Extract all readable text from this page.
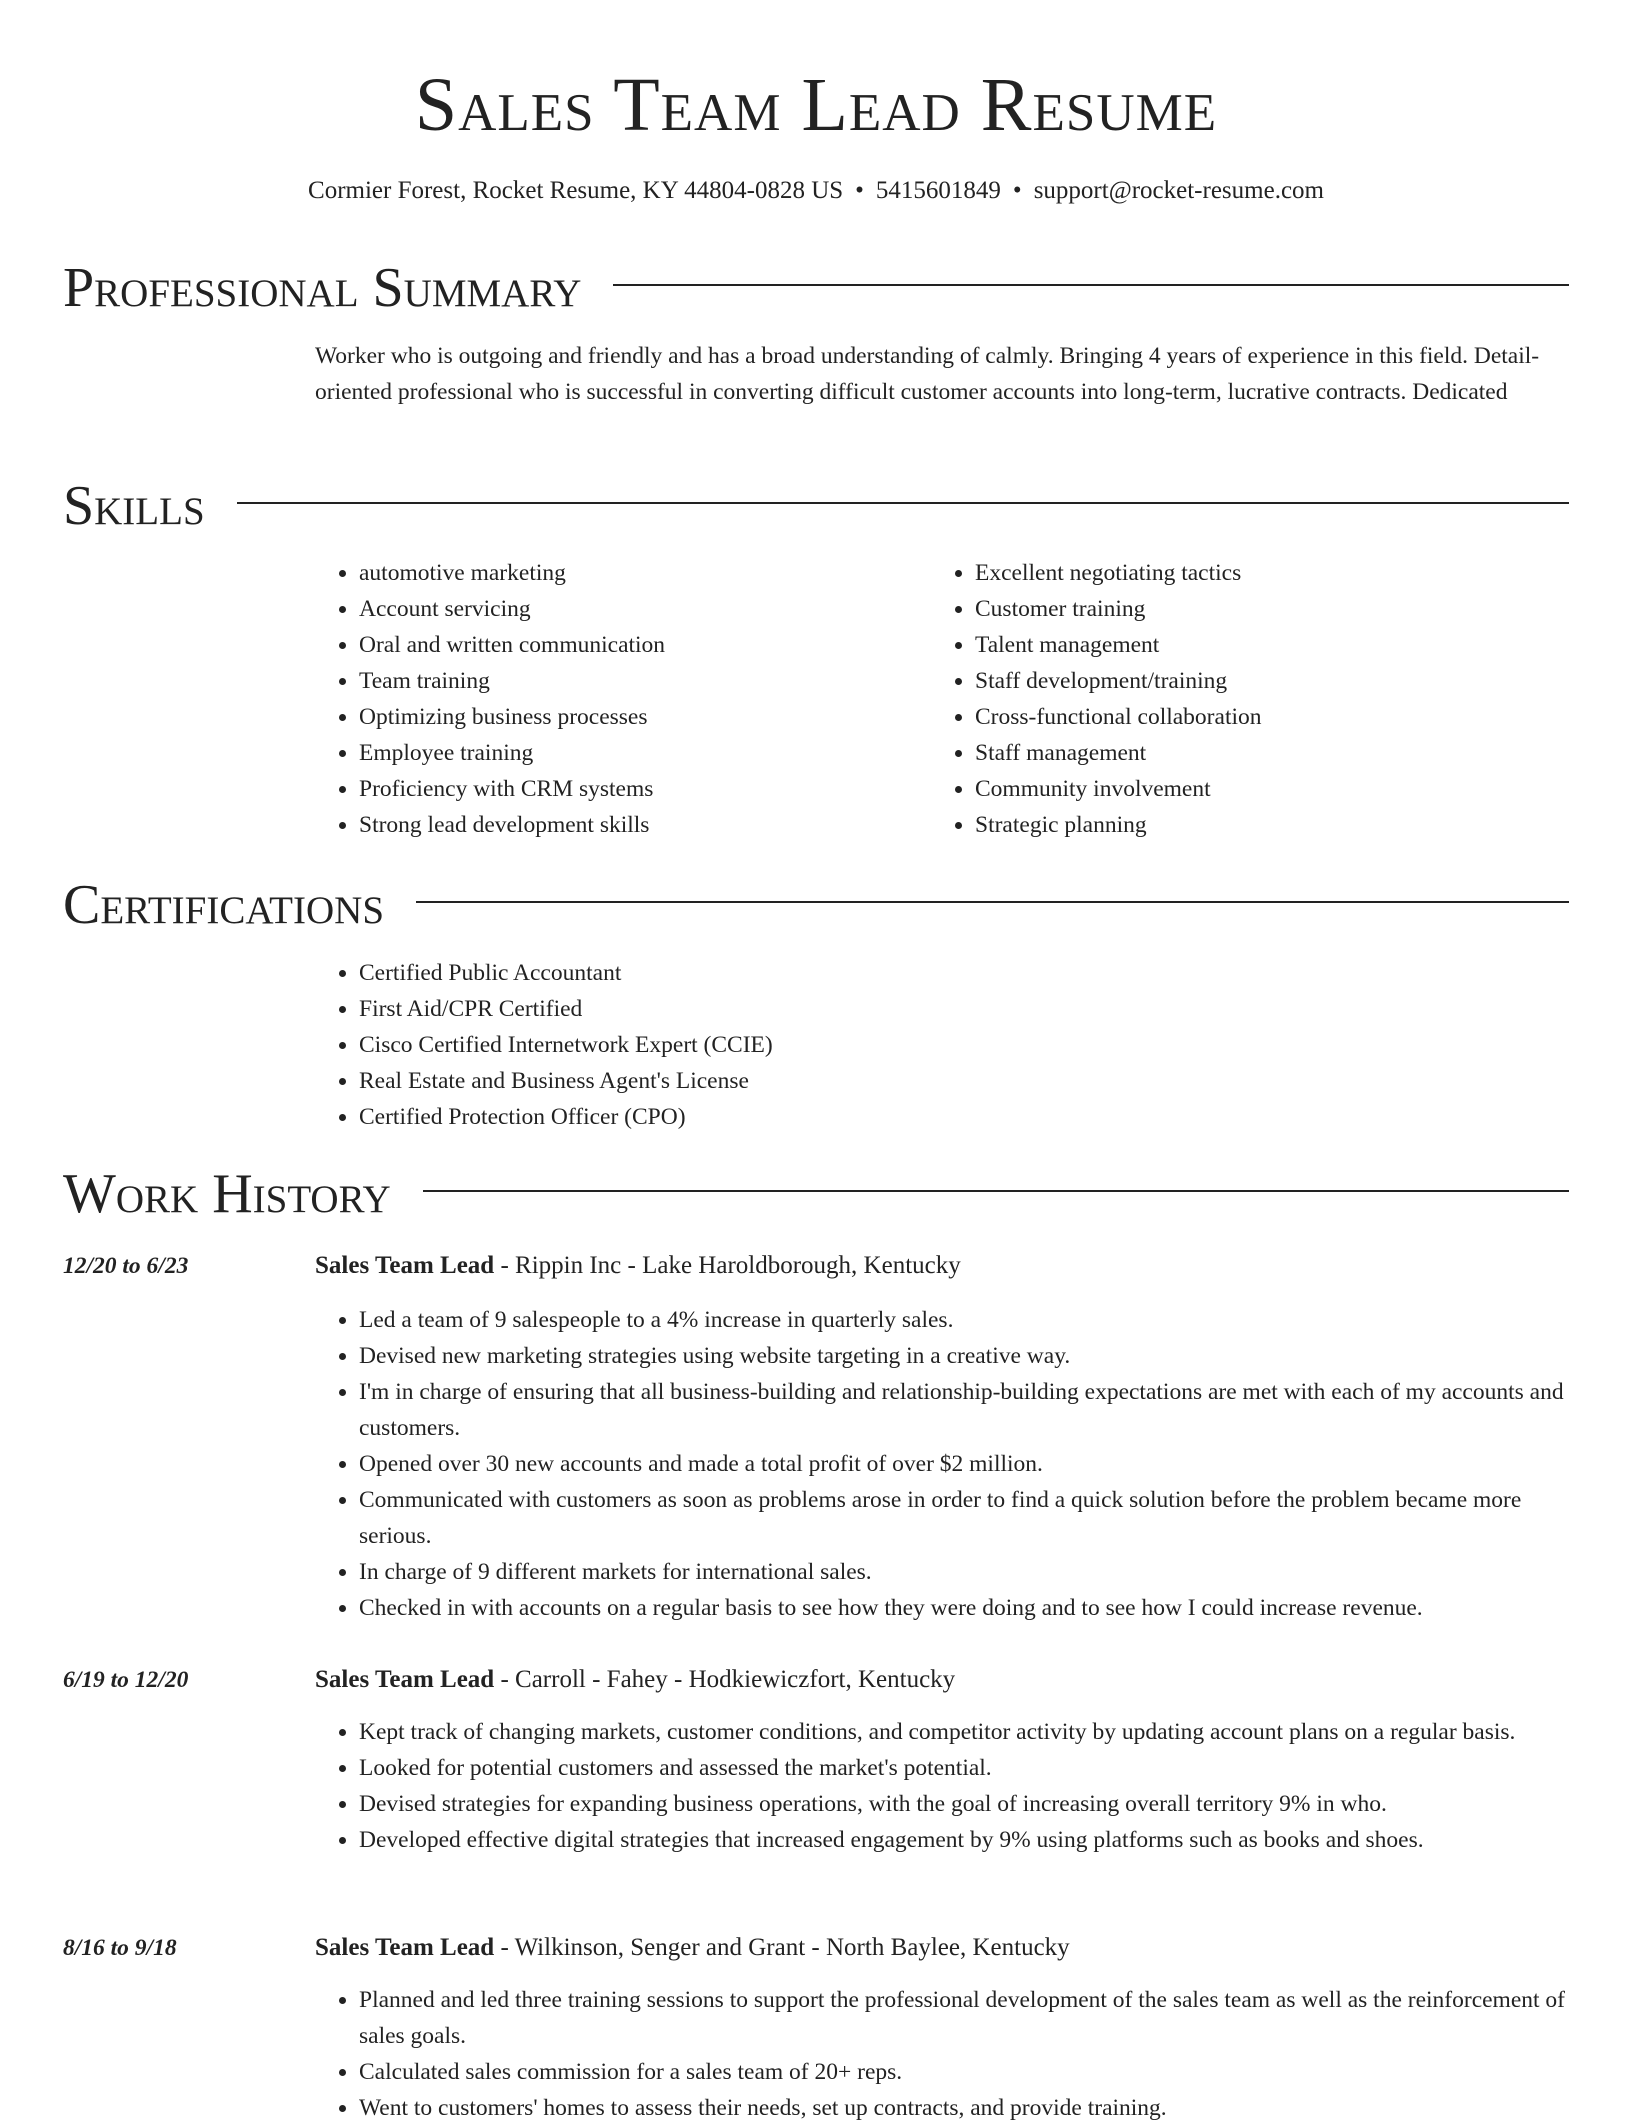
Sales Team Lead Resume
Cormier Forest, Rocket Resume, KY 44804-0828 US • 5415601849 • support@rocket-resume.com
Professional Summary

Worker who is outgoing and friendly and has a broad understanding of calmly. Bringing 4 years of experience in this field. Detail-oriented professional who is successful in converting difficult customer accounts into long-term, lucrative contracts. Dedicated

Skills
• automotive marketing
• Account servicing
• Oral and written communication
• Team training
• Optimizing business processes
• Employee training
• Proficiency with CRM systems
• Strong lead development skills
• Excellent negotiating tactics
• Customer training
• Talent management
• Staff development/training
• Cross-functional collaboration
• Staff management
• Community involvement
• Strategic planning
Certifications
• Certified Public Accountant
• First Aid/CPR Certified
• Cisco Certified Internetwork Expert (CCIE)
• Real Estate and Business Agent's License
• Certified Protection Officer (CPO)
Work History
12/20 to 6/23	Sales Team Lead - Rippin Inc - Lake Haroldborough, Kentucky
• Led a team of 9 salespeople to a 4% increase in quarterly sales.
• Devised new marketing strategies using website targeting in a creative way.
• I'm in charge of ensuring that all business-building and relationship-building expectations are met with each of my accounts and customers.
• Opened over 30 new accounts and made a total profit of over $2 million.
• Communicated with customers as soon as problems arose in order to find a quick solution before the problem became more serious.
• In charge of 9 different markets for international sales.
• Checked in with accounts on a regular basis to see how they were doing and to see how I could increase revenue.
6/19 to 12/20	Sales Team Lead - Carroll - Fahey - Hodkiewiczfort, Kentucky
• Kept track of changing markets, customer conditions, and competitor activity by updating account plans on a regular basis.
• Looked for potential customers and assessed the market's potential.
• Devised strategies for expanding business operations, with the goal of increasing overall territory 9% in who.
• Developed effective digital strategies that increased engagement by 9% using platforms such as books and shoes.
8/16 to 9/18	Sales Team Lead - Wilkinson, Senger and Grant - North Baylee, Kentucky
• Planned and led three training sessions to support the professional development of the sales team as well as the reinforcement of sales goals.
• Calculated sales commission for a sales team of 20+ reps.
• Went to customers' homes to assess their needs, set up contracts, and provide training.
